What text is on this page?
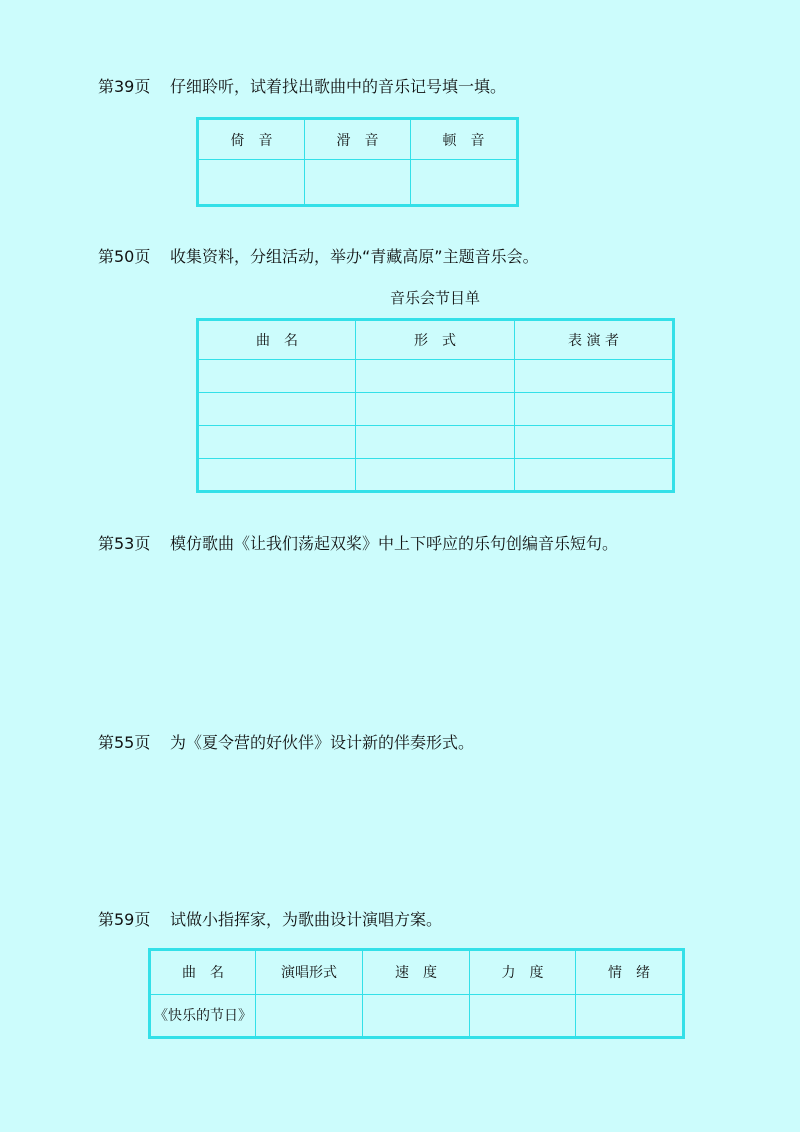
第39页 仔细聆听，试着找出歌曲中的音乐记号填一填。
倚　音	滑　音	顿　音

第50页 收集资料，分组活动，举办“青藏高原”主题音乐会。
音乐会节目单
曲　名	形　式	表 演 者

第53页 模仿歌曲《让我们荡起双桨》中上下呼应的乐句创编音乐短句。
第55页 为《夏令营的好伙伴》设计新的伴奏形式。
第59页 试做小指挥家，为歌曲设计演唱方案。
曲　名	演唱形式	速　度	力　度	情　绪
《快乐的节日》				
